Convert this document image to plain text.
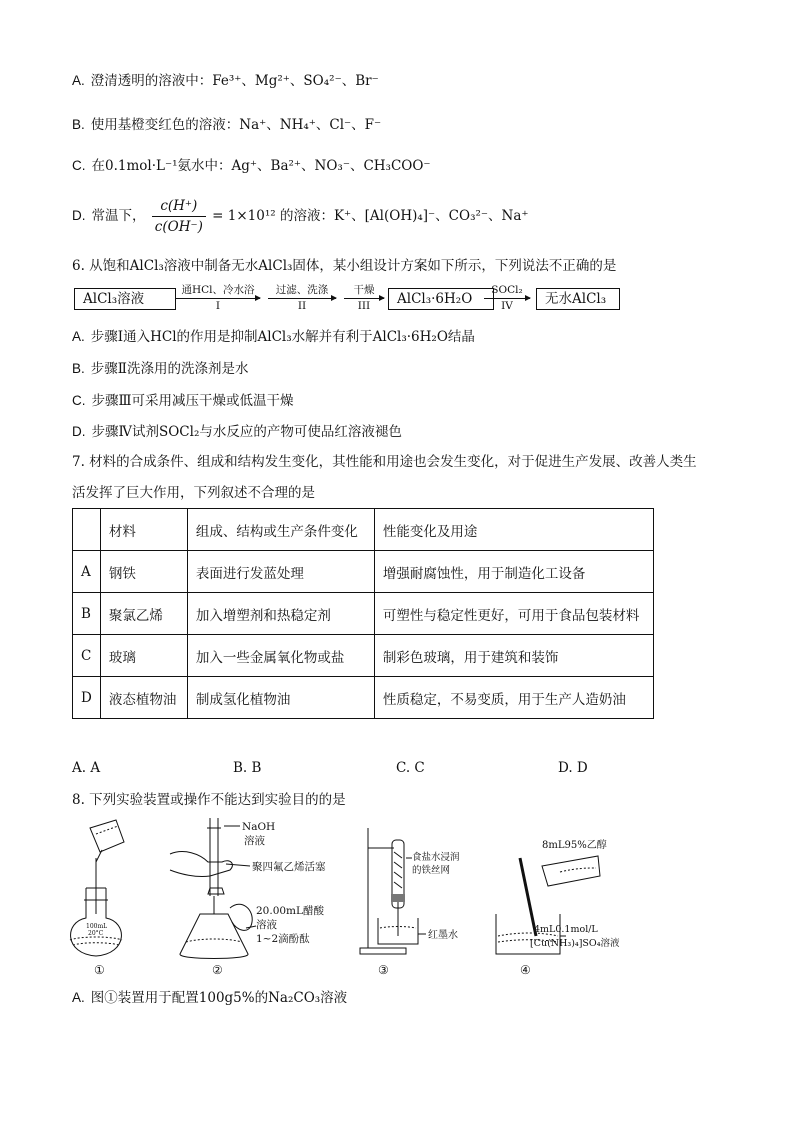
A. 澄清透明的溶液中：Fe³⁺、Mg²⁺、SO₄²⁻、Br⁻
B. 使用基橙变红色的溶液：Na⁺、NH₄⁺、Cl⁻、F⁻
C. 在0.1mol·L⁻¹氨水中：Ag⁺、Ba²⁺、NO₃⁻、CH₃COO⁻
D. 常温下， $\frac{c(H^+)}{c(OH^-)} = 1\times 10^{12}$ 的溶液：K⁺、[Al(OH)₄]⁻、CO₃²⁻、Na⁺
6. 从饱和AlCl₃溶液中制备无水AlCl₃固体，某小组设计方案如下所示，下列说法不正确的是
AlCl₃溶液
通HCl、冷水浴
I
过滤、洗涤
II
干燥
III	AlCl₃·6H₂O
SOCl₂
IV	无水AlCl₃
A. 步骤Ⅰ通入HCl的作用是抑制AlCl₃水解并有利于AlCl₃·6H₂O结晶
B. 步骤Ⅱ洗涤用的洗涤剂是水
C. 步骤Ⅲ可采用减压干燥或低温干燥
D. 步骤Ⅳ试剂SOCl₂与水反应的产物可使品红溶液褪色
7. 材料的合成条件、组成和结构发生变化，其性能和用途也会发生变化，对于促进生产发展、改善人类生
活发挥了巨大作用，下列叙述不合理的是
	材料	组成、结构或生产条件变化	性能变化及用途
A	钢铁	表面进行发蓝处理	增强耐腐蚀性，用于制造化工设备
B	聚氯乙烯	加入增塑剂和热稳定剂	可塑性与稳定性更好，可用于食品包装材料
C	玻璃	加入一些金属氧化物或盐	制彩色玻璃，用于建筑和装饰
D	液态植物油	制成氢化植物油	性质稳定，不易变质，用于生产人造奶油
A. A	B. B	C. C	D. D
8. 下列实验装置或操作不能达到实验目的的是
100mL
20°C
①
NaOH
溶液
聚四氟乙烯活塞
20.00mL醋酸
溶液
1~2滴酚酞
②
食盐水浸润
的铁丝网
红墨水
③
8mL95%乙醇
4mL0.1mol/L
[Cu(NH₃)₄]SO₄溶液
④
A. 图①装置用于配置100g5%的Na₂CO₃溶液
